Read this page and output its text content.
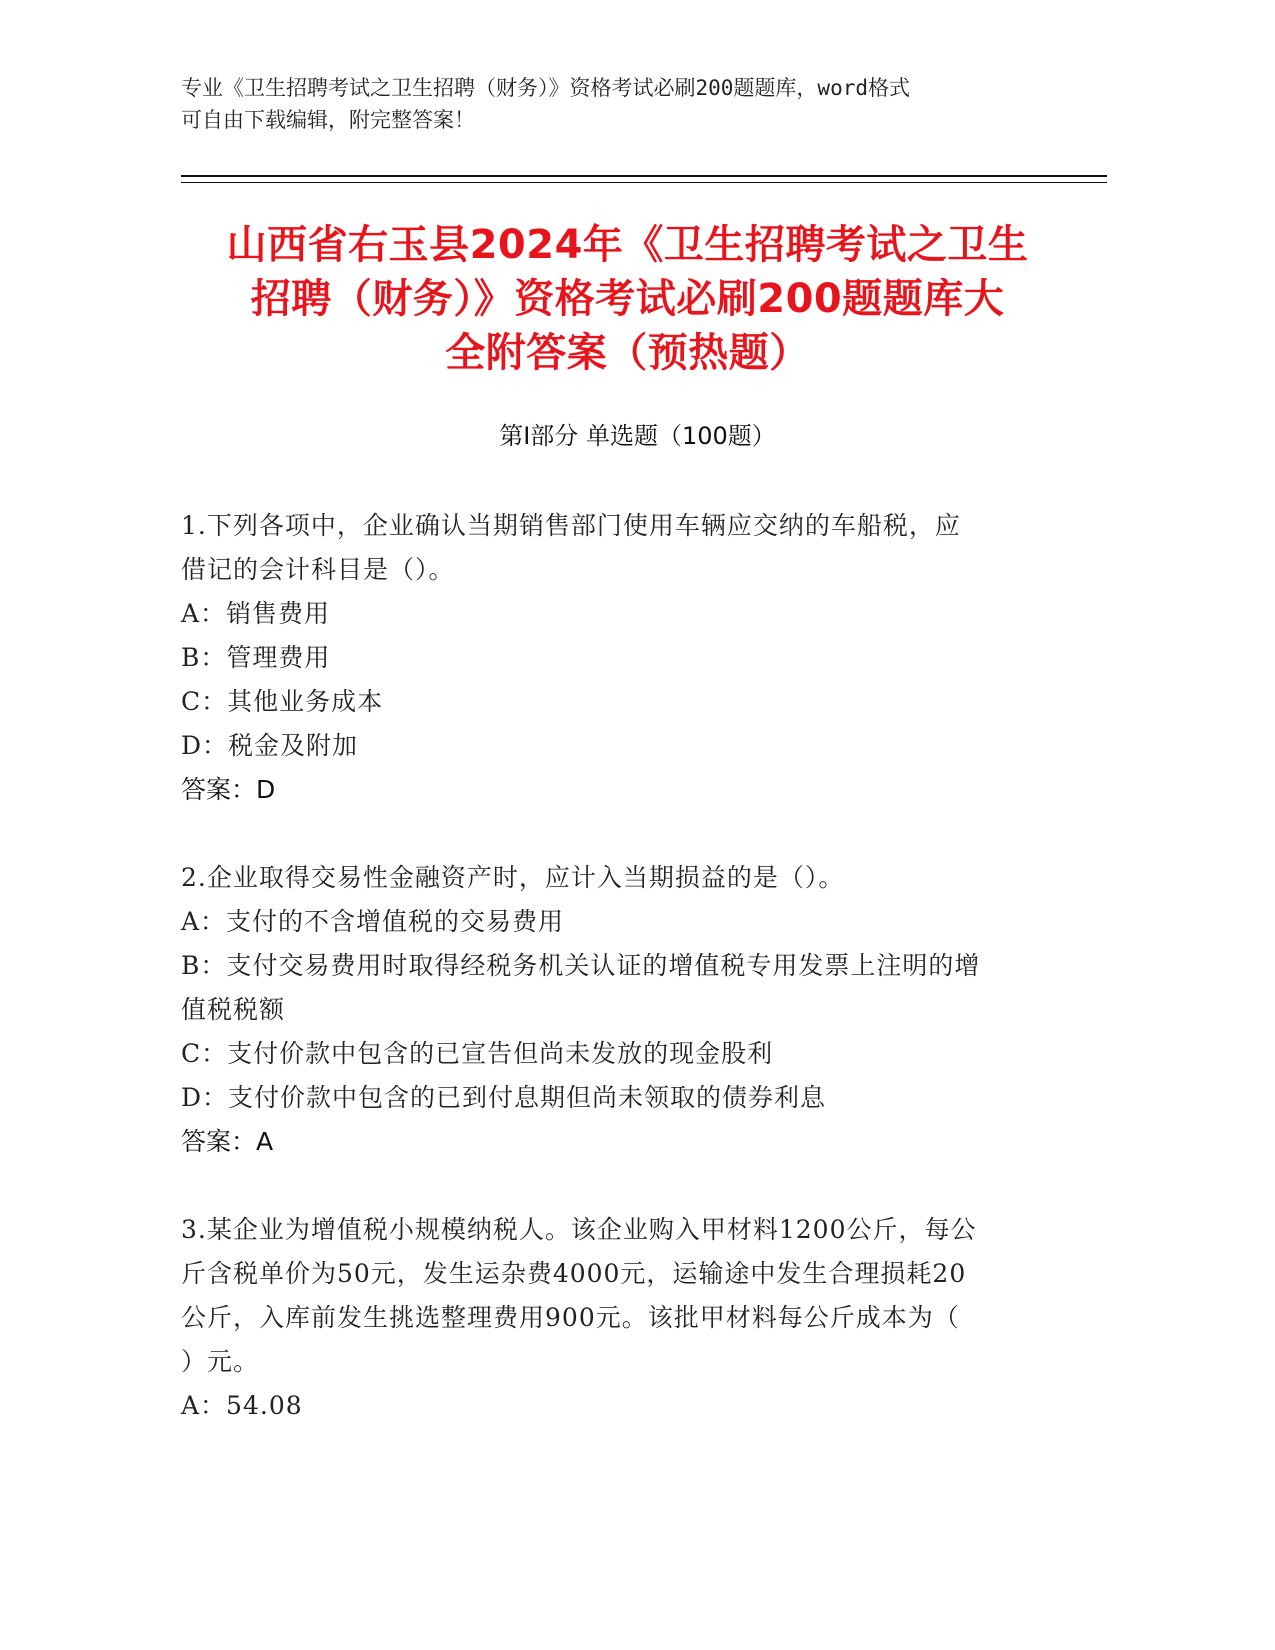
专业《卫生招聘考试之卫生招聘（财务）》资格考试必刷200题题库，word格式
可自由下载编辑，附完整答案！
山西省右玉县2024年《卫生招聘考试之卫生
招聘（财务）》资格考试必刷200题题库大
全附答案（预热题）
第Ⅰ部分 单选题（100题）
1.下列各项中，企业确认当期销售部门使用车辆应交纳的车船税，应
借记的会计科目是（）。
A：销售费用
B：管理费用
C：其他业务成本
D：税金及附加
答案：D
2.企业取得交易性金融资产时，应计入当期损益的是（）。
A：支付的不含增值税的交易费用
B：支付交易费用时取得经税务机关认证的增值税专用发票上注明的增
值税税额
C：支付价款中包含的已宣告但尚未发放的现金股利
D：支付价款中包含的已到付息期但尚未领取的债券利息
答案：A
3.某企业为增值税小规模纳税人。该企业购入甲材料1200公斤，每公
斤含税单价为50元，发生运杂费4000元，运输途中发生合理损耗20
公斤，入库前发生挑选整理费用900元。该批甲材料每公斤成本为（
）元。
A：54.08
